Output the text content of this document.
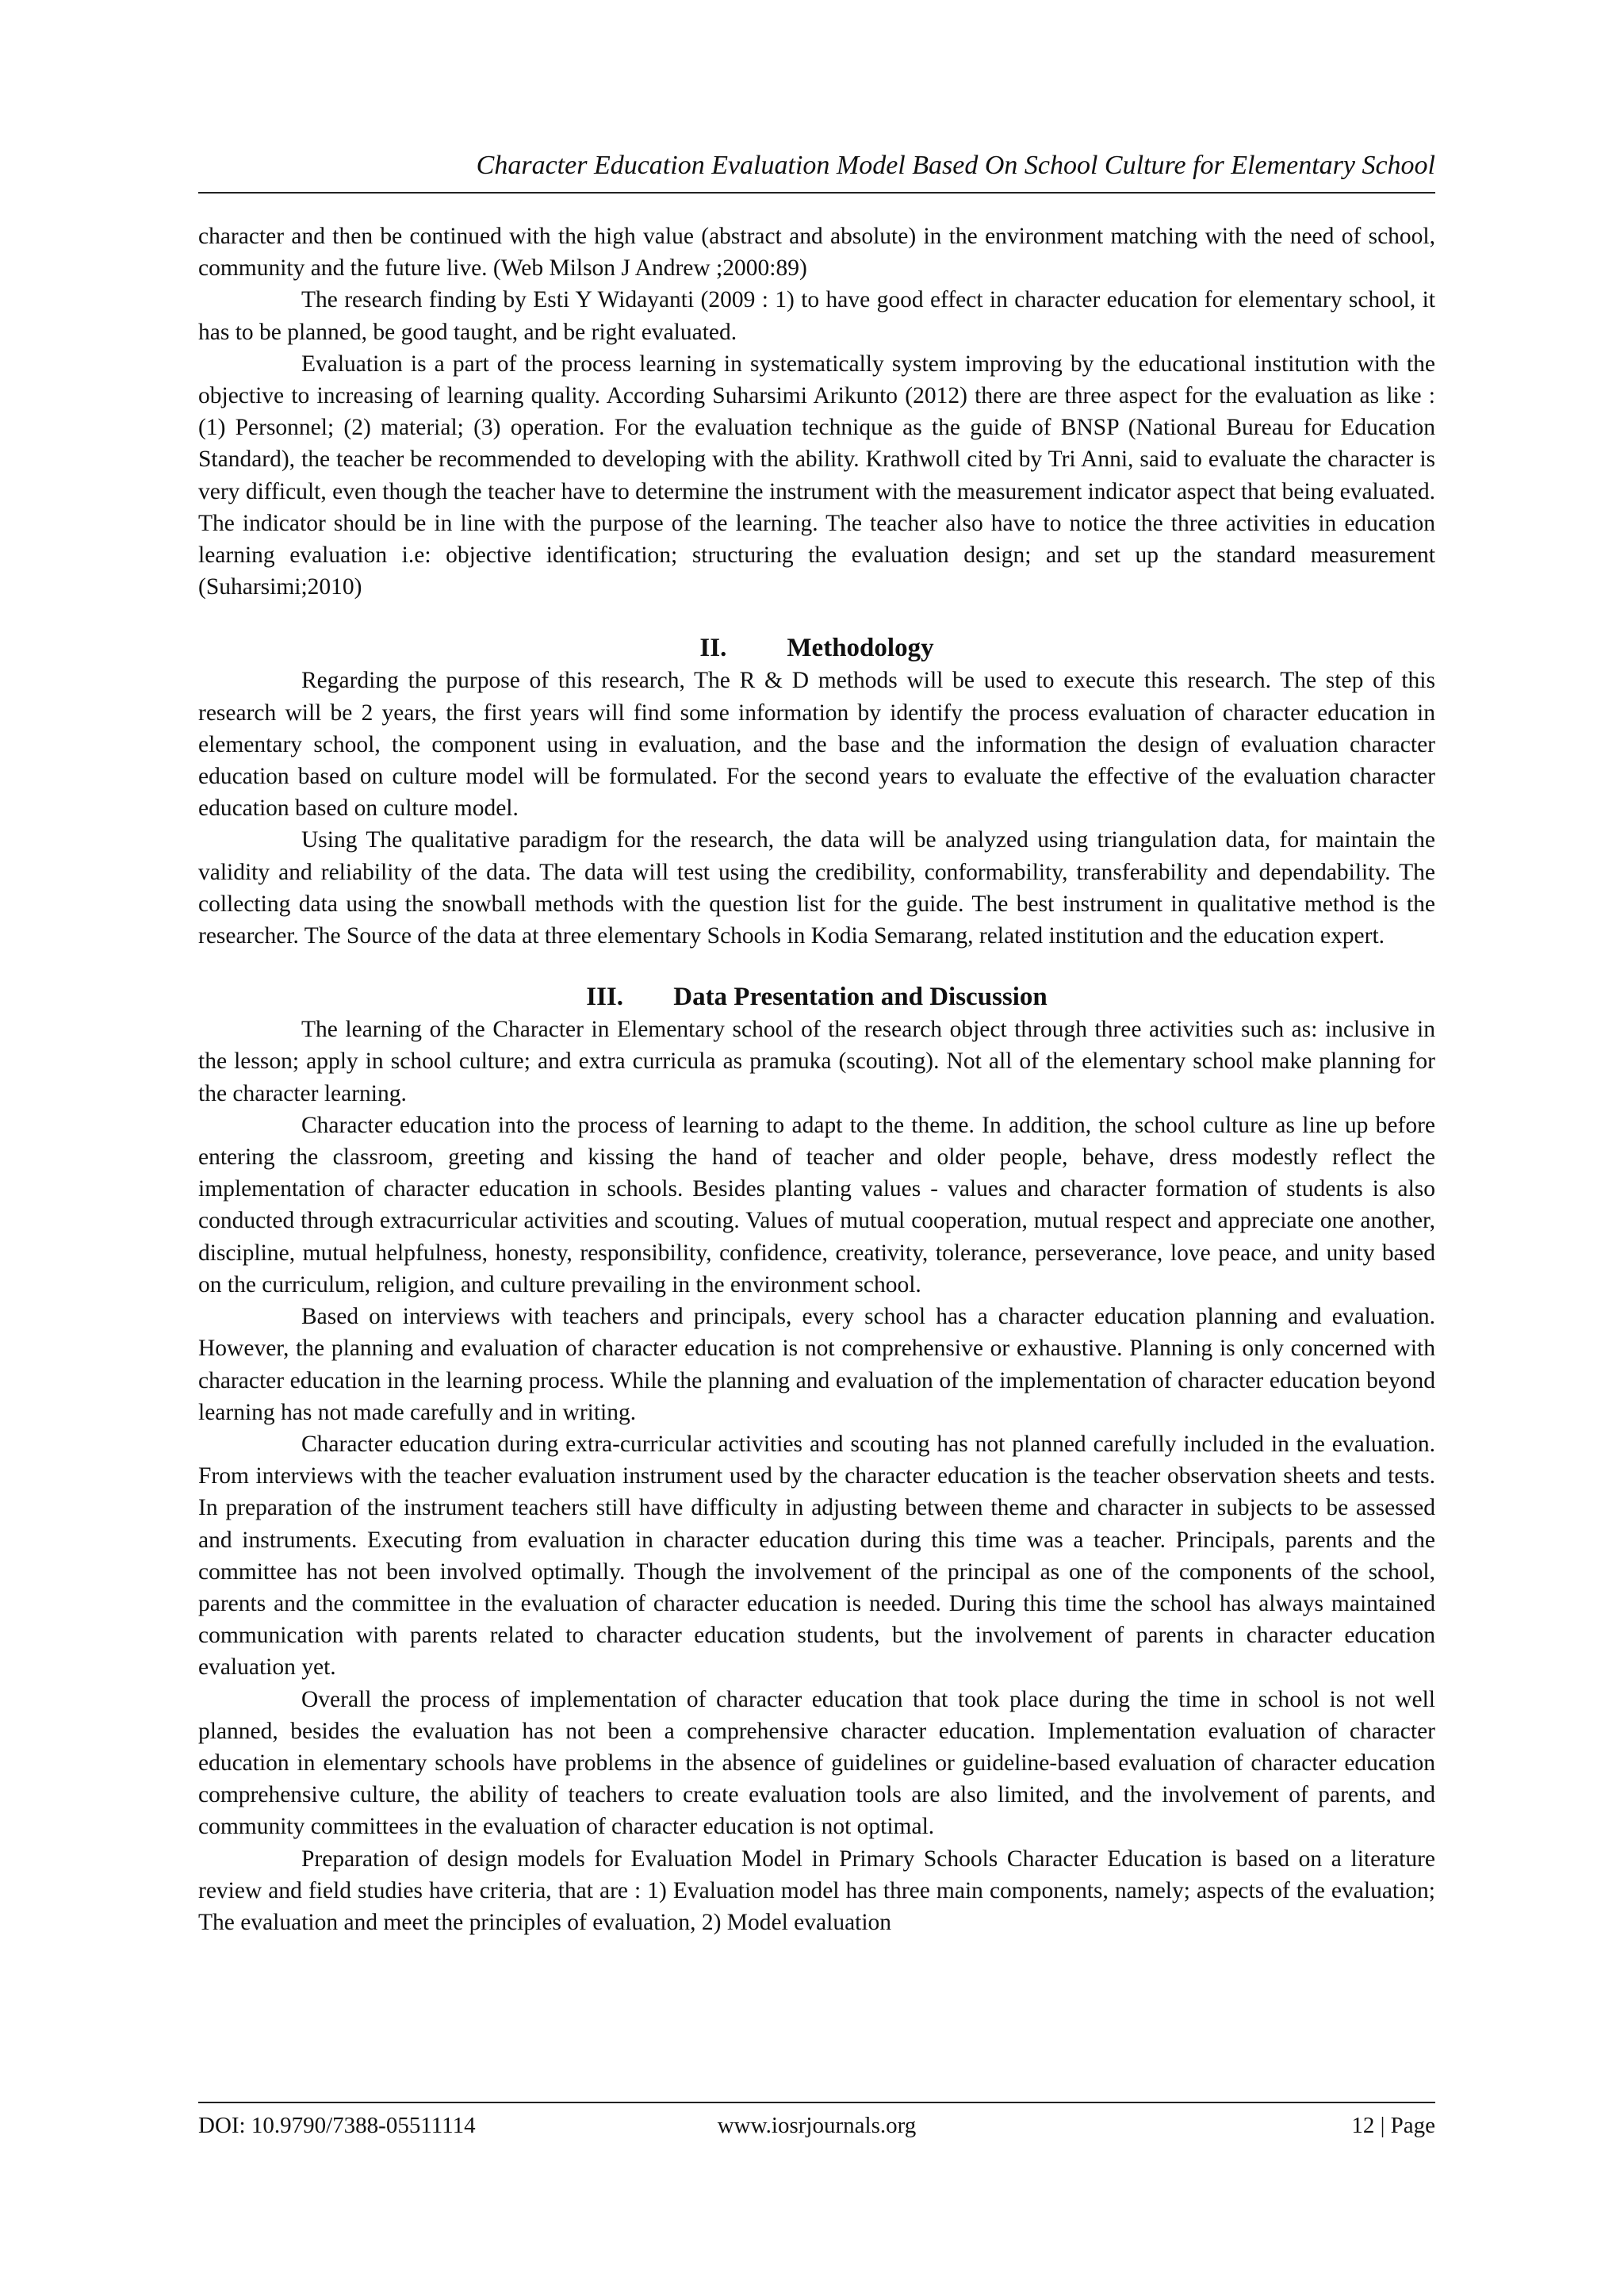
Character Education Evaluation Model Based On School Culture for Elementary School

character and then be continued with the high value (abstract and absolute) in the environment matching with the need of school, community and the future live. (Web Milson J Andrew ;2000:89)

The research finding by Esti Y Widayanti (2009 : 1) to have good effect in character education for elementary school, it has to be planned, be good taught, and be right evaluated.

Evaluation is a part of the process learning in systematically system improving by the educational institution with the objective to increasing of learning quality. According Suharsimi Arikunto (2012) there are three aspect for the evaluation as like : (1) Personnel; (2) material; (3) operation. For the evaluation technique as the guide of BNSP (National Bureau for Education Standard), the teacher be recommended to developing with the ability. Krathwoll cited by Tri Anni, said to evaluate the character is very difficult, even though the teacher have to determine the instrument with the measurement indicator aspect that being evaluated. The indicator should be in line with the purpose of the learning. The teacher also have to notice the three activities in education learning evaluation i.e: objective identification; structuring the evaluation design; and set up the standard measurement (Suharsimi;2010)

II. Methodology

Regarding the purpose of this research, The R & D methods will be used to execute this research. The step of this research will be 2 years, the first years will find some information by identify the process evaluation of character education in elementary school, the component using in evaluation, and the base and the information the design of evaluation character education based on culture model will be formulated. For the second years to evaluate the effective of the evaluation character education based on culture model.

Using The qualitative paradigm for the research, the data will be analyzed using triangulation data, for maintain the validity and reliability of the data. The data will test using the credibility, conformability, transferability and dependability. The collecting data using the snowball methods with the question list for the guide. The best instrument in qualitative method is the researcher. The Source of the data at three elementary Schools in Kodia Semarang, related institution and the education expert.

III. Data Presentation and Discussion

The learning of the Character in Elementary school of the research object through three activities such as: inclusive in the lesson; apply in school culture; and extra curricula as pramuka (scouting). Not all of the elementary school make planning for the character learning.

Character education into the process of learning to adapt to the theme. In addition, the school culture as line up before entering the classroom, greeting and kissing the hand of teacher and older people, behave, dress modestly reflect the implementation of character education in schools. Besides planting values - values and character formation of students is also conducted through extracurricular activities and scouting. Values of mutual cooperation, mutual respect and appreciate one another, discipline, mutual helpfulness, honesty, responsibility, confidence, creativity, tolerance, perseverance, love peace, and unity based on the curriculum, religion, and culture prevailing in the environment school.

Based on interviews with teachers and principals, every school has a character education planning and evaluation. However, the planning and evaluation of character education is not comprehensive or exhaustive. Planning is only concerned with character education in the learning process. While the planning and evaluation of the implementation of character education beyond learning has not made carefully and in writing.

Character education during extra-curricular activities and scouting has not planned carefully included in the evaluation. From interviews with the teacher evaluation instrument used by the character education is the teacher observation sheets and tests. In preparation of the instrument teachers still have difficulty in adjusting between theme and character in subjects to be assessed and instruments. Executing from evaluation in character education during this time was a teacher. Principals, parents and the committee has not been involved optimally. Though the involvement of the principal as one of the components of the school, parents and the committee in the evaluation of character education is needed. During this time the school has always maintained communication with parents related to character education students, but the involvement of parents in character education evaluation yet.

Overall the process of implementation of character education that took place during the time in school is not well planned, besides the evaluation has not been a comprehensive character education. Implementation evaluation of character education in elementary schools have problems in the absence of guidelines or guideline-based evaluation of character education comprehensive culture, the ability of teachers to create evaluation tools are also limited, and the involvement of parents, and community committees in the evaluation of character education is not optimal.

Preparation of design models for Evaluation Model in Primary Schools Character Education is based on a literature review and field studies have criteria, that are : 1) Evaluation model has three main components, namely; aspects of the evaluation; The evaluation and meet the principles of evaluation, 2) Model evaluation

DOI: 10.9790/7388-05511114	www.iosrjournals.org	12 | Page
